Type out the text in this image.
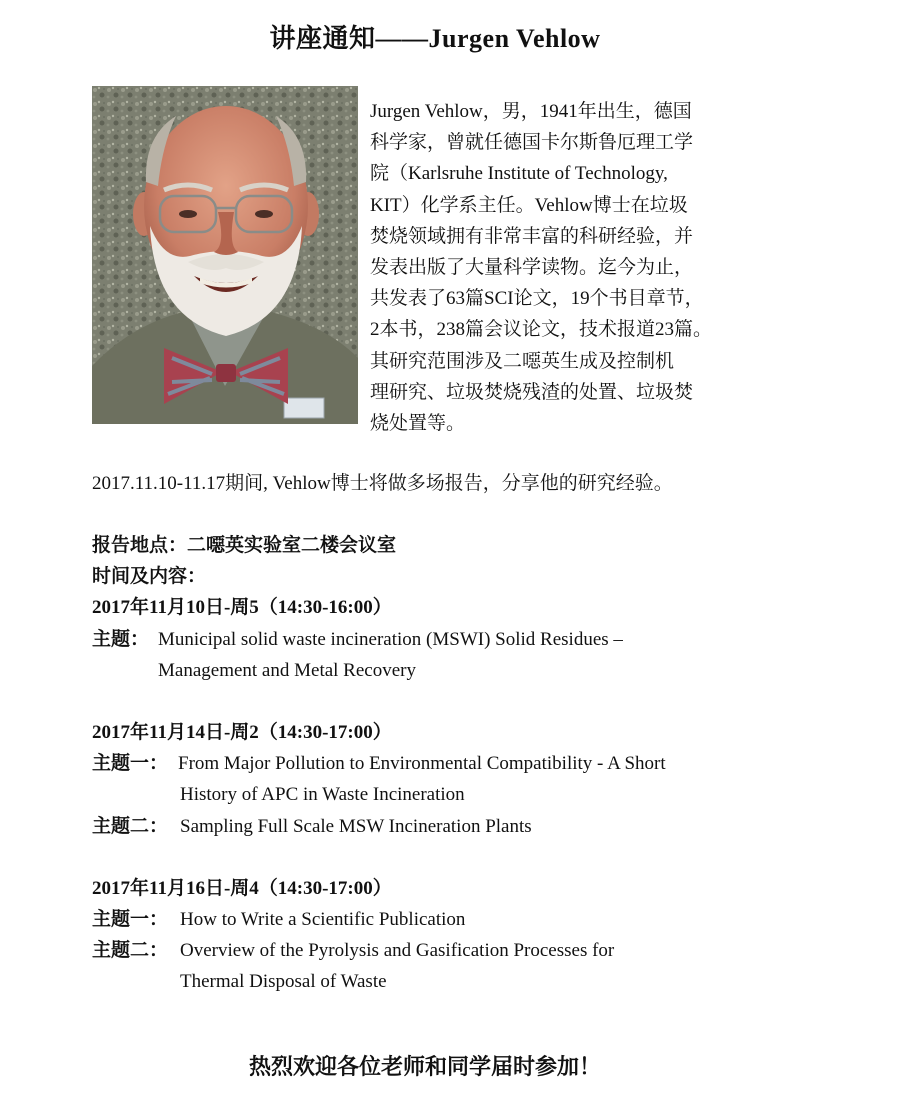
讲座通知——Jurgen Vehlow

Jurgen Vehlow，男，1941年出生，德国

科学家，曾就任德国卡尔斯鲁厄理工学

院（Karlsruhe Institute of Technology,

KIT）化学系主任。Vehlow博士在垃圾

焚烧领域拥有非常丰富的科研经验，并

发表出版了大量科学读物。迄今为止，

共发表了63篇SCI论文，19个书目章节，

2本书，238篇会议论文，技术报道23篇。

其研究范围涉及二噁英生成及控制机

理研究、垃圾焚烧残渣的处置、垃圾焚

烧处置等。

2017.11.10-11.17期间, Vehlow博士将做多场报告，分享他的研究经验。
报告地点：二噁英实验室二楼会议室
时间及内容：
2017年11月10日-周5（14:30-16:00）
主题： Municipal solid waste incineration (MSWI) Solid Residues –
Management and Metal Recovery
2017年11月14日-周2（14:30-17:00）
主题一： From Major Pollution to Environmental Compatibility - A Short
History of APC in Waste Incineration
主题二： Sampling Full Scale MSW Incineration Plants
2017年11月16日-周4（14:30-17:00）
主题一： How to Write a Scientific Publication
主题二： Overview of the Pyrolysis and Gasification Processes for
Thermal Disposal of Waste
热烈欢迎各位老师和同学届时参加！
